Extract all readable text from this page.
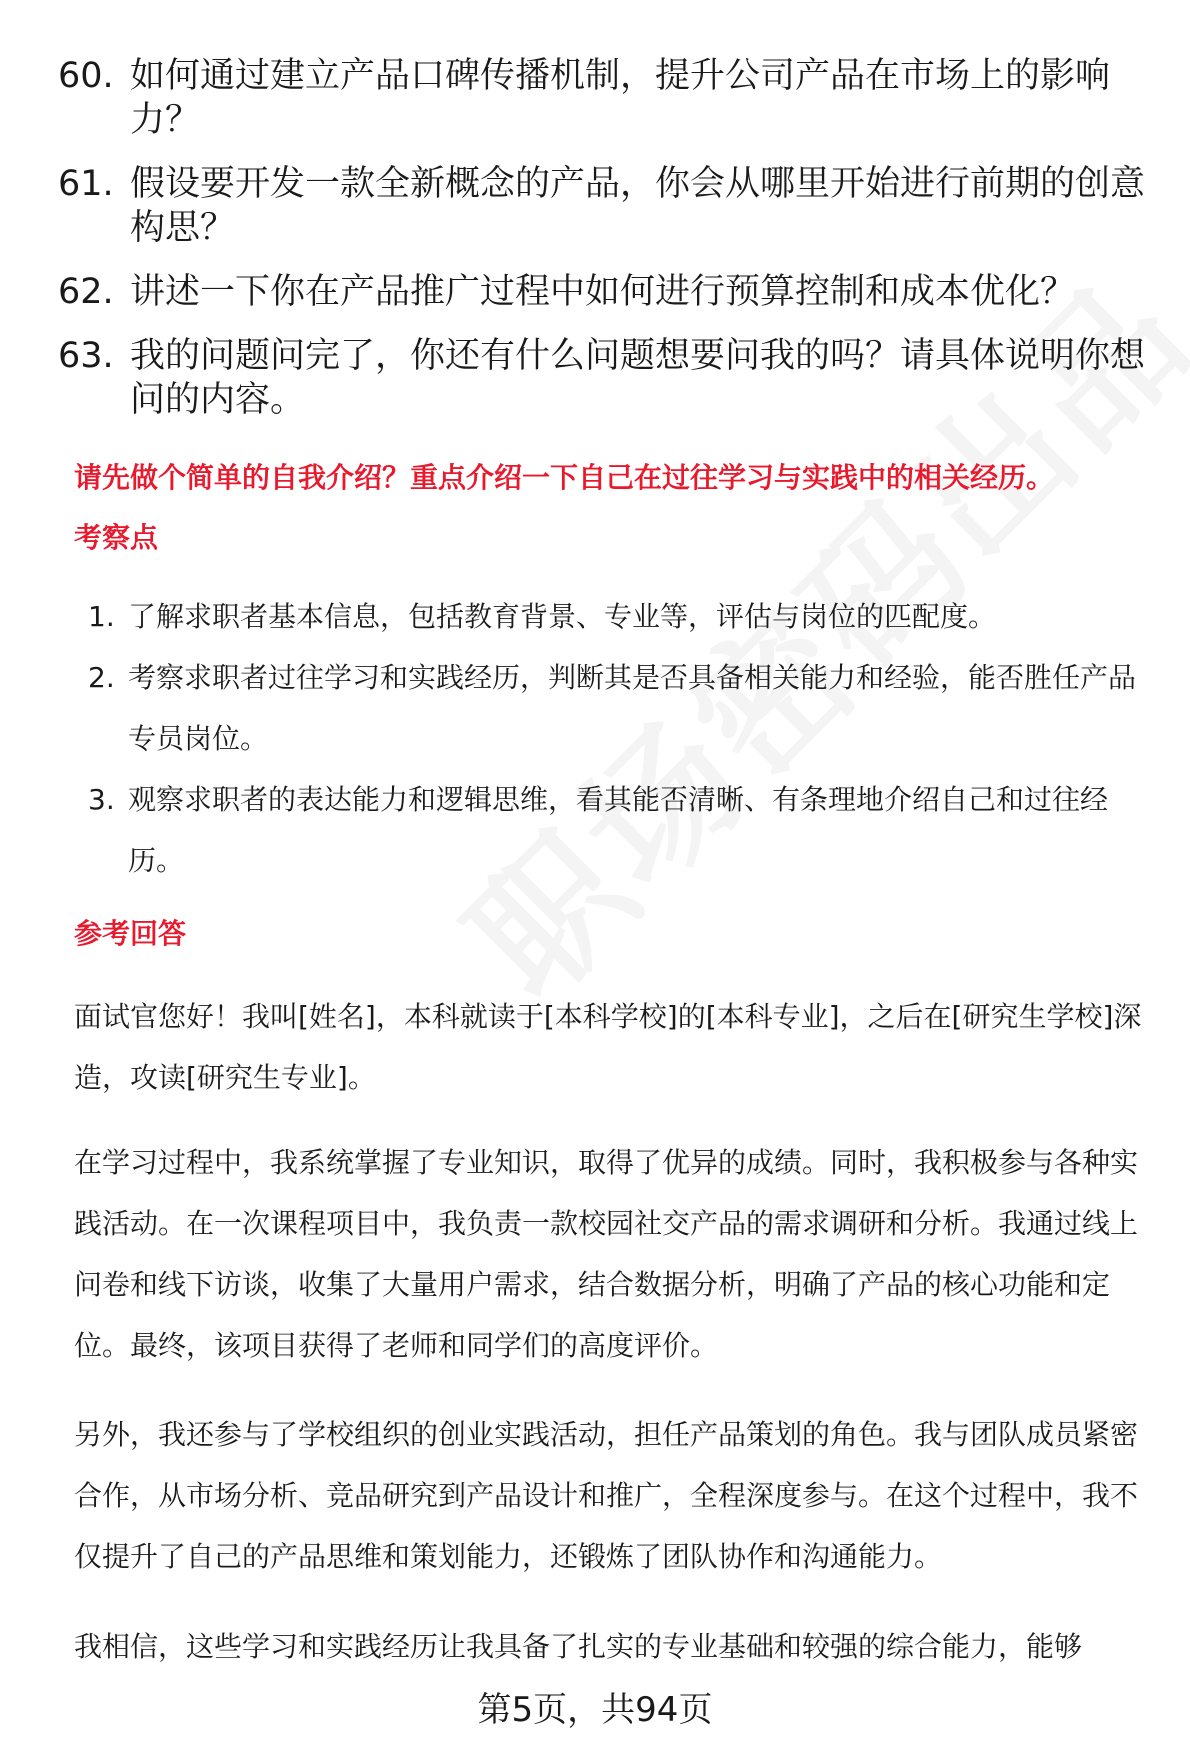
60. 如何通过建立产品口碑传播机制，提升公司产品在市场上的影响力？
61. 假设要开发一款全新概念的产品，你会从哪里开始进行前期的创意构思？
62. 讲述一下你在产品推广过程中如何进行预算控制和成本优化？
63. 我的问题问完了，你还有什么问题想要问我的吗？请具体说明你想问的内容。
请先做个简单的自我介绍？重点介绍一下自己在过往学习与实践中的相关经历。
考察点
1. 了解求职者基本信息，包括教育背景、专业等，评估与岗位的匹配度。
2. 考察求职者过往学习和实践经历，判断其是否具备相关能力和经验，能否胜任产品专员岗位。
3. 观察求职者的表达能力和逻辑思维，看其能否清晰、有条理地介绍自己和过往经历。
参考回答
面试官您好！我叫[姓名]，本科就读于[本科学校]的[本科专业]，之后在[研究生学校]深造，攻读[研究生专业]。
在学习过程中，我系统掌握了专业知识，取得了优异的成绩。同时，我积极参与各种实践活动。在一次课程项目中，我负责一款校园社交产品的需求调研和分析。我通过线上问卷和线下访谈，收集了大量用户需求，结合数据分析，明确了产品的核心功能和定位。最终，该项目获得了老师和同学们的高度评价。
另外，我还参与了学校组织的创业实践活动，担任产品策划的角色。我与团队成员紧密合作，从市场分析、竞品研究到产品设计和推广，全程深度参与。在这个过程中，我不仅提升了自己的产品思维和策划能力，还锻炼了团队协作和沟通能力。
我相信，这些学习和实践经历让我具备了扎实的专业基础和较强的综合能力，能够
第5页，共94页
